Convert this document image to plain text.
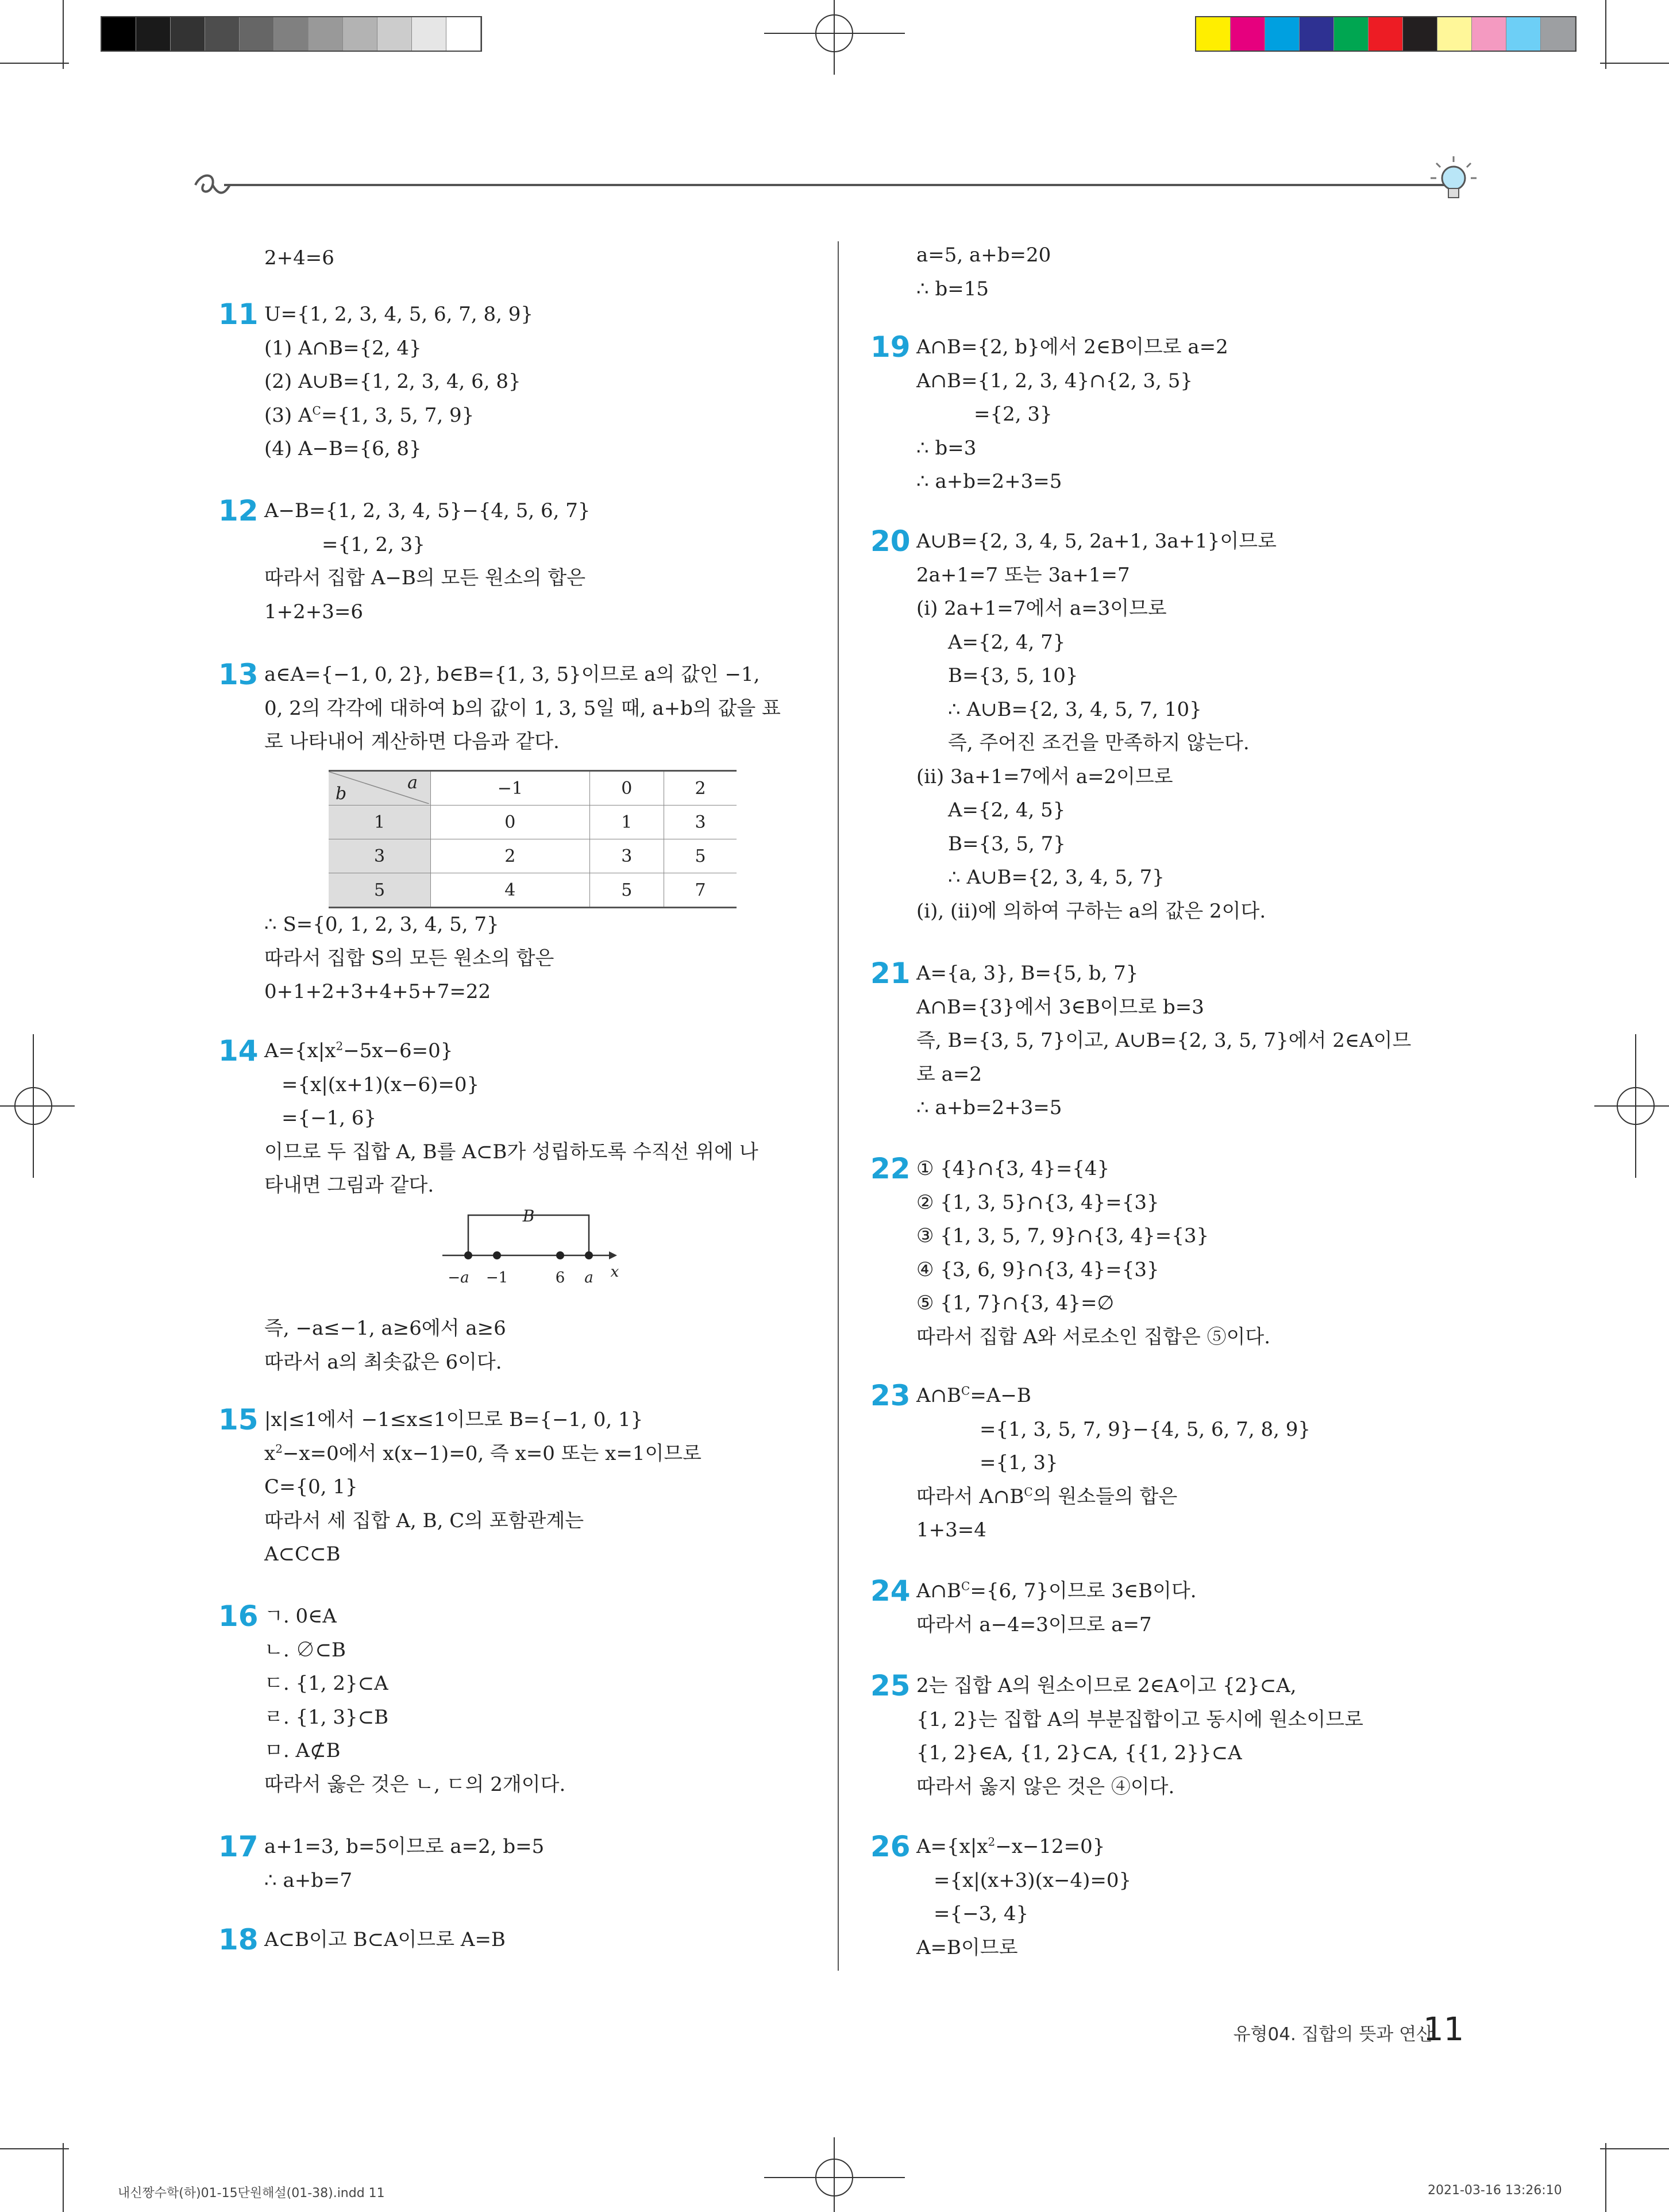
2+4=6
11 U={1, 2, 3, 4, 5, 6, 7, 8, 9}
(1) A∩B={2, 4}
(2) A∪B={1, 2, 3, 4, 6, 8}
(3) $A^C=\{1$, 3, 5, 7, 9}
(4) A−B={6, 8}
12 A−B={1, 2, 3, 4, 5}−{4, 5, 6, 7}
={1, 2, 3}
따라서 집합 A−B의 모든 원소의 합은
1+2+3=6
13 a∈A={−1, 0, 2}, b∈B={1, 3, 5}이므로 a의 값인 −1,
0, 2의 각각에 대하여 b의 값이 1, 3, 5일 때, a+b의 값을 표
로 나타내어 계산하면 다음과 같다.
a
b	−1	0	2
1	0	1	3
3	2	3	5
5	4	5	7
∴ S={0, 1, 2, 3, 4, 5, 7}
따라서 집합 S의 모든 원소의 합은
0+1+2+3+4+5+7=22
14 $A=\{x|x^2-5x-6=0\}$
={x|(x+1)(x−6)=0}
={−1, 6}
이므로 두 집합 A, B를 A⊂B가 성립하도록 수직선 위에 나
타내면 그림과 같다.
B
−a −1	6 a x
즉, −a≤−1, a≥6에서 a≥6
따라서 a의 최솟값은 6이다.
15 |x|≤1에서 −1≤x≤1이므로 B={−1, 0, 1}
$x^2-x=0$에서 x(x−1)=0, 즉 x=0 또는 x=1이므로
C={0, 1}
따라서 세 집합 A, B, C의 포함관계는
A⊂C⊂B
16 ㄱ. 0∈A
ㄴ. ∅⊂B
ㄷ. {1, 2}⊂A
ㄹ. {1, 3}⊂B
ㅁ. A⊄B
따라서 옳은 것은 ㄴ, ㄷ의 2개이다.
17 a+1=3, b=5이므로 a=2, b=5
∴ a+b=7
18 A⊂B이고 B⊂A이므로 A=B
a=5, a+b=20
∴ b=15
19 A∩B={2, b}에서 2∈B이므로 a=2
A∩B={1, 2, 3, 4}∩{2, 3, 5}
={2, 3}
∴ b=3
∴ a+b=2+3=5
20 A∪B={2, 3, 4, 5, 2a+1, 3a+1}이므로
2a+1=7 또는 3a+1=7
(ⅰ) 2a+1=7에서 a=3이므로
A={2, 4, 7}
B={3, 5, 10}
∴ A∪B={2, 3, 4, 5, 7, 10}
즉, 주어진 조건을 만족하지 않는다.
(ⅱ) 3a+1=7에서 a=2이므로
A={2, 4, 5}
B={3, 5, 7}
∴ A∪B={2, 3, 4, 5, 7}
(ⅰ), (ⅱ)에 의하여 구하는 a의 값은 2이다.
21 A={a, 3}, B={5, b, 7}
A∩B={3}에서 3∈B이므로 b=3
즉, B={3, 5, 7}이고, A∪B={2, 3, 5, 7}에서 2∈A이므
로 a=2
∴ a+b=2+3=5
22 ① {4}∩{3, 4}={4}
② {1, 3, 5}∩{3, 4}={3}
③ {1, 3, 5, 7, 9}∩{3, 4}={3}
④ {3, 6, 9}∩{3, 4}={3}
⑤ {1, 7}∩{3, 4}=∅
따라서 집합 A와 서로소인 집합은 ⑤이다.
23 $A\cap B^C=A-B$
={1, 3, 5, 7, 9}−{4, 5, 6, 7, 8, 9}
={1, 3}
따라서 $A\cap B^C$의 원소들의 합은
1+3=4
24 $A\cap B^C=\{6$, 7}이므로 3∈B이다.
따라서 a−4=3이므로 a=7
25 2는 집합 A의 원소이므로 2∈A이고 {2}⊂A,
{1, 2}는 집합 A의 부분집합이고 동시에 원소이므로
{1, 2}∈A, {1, 2}⊂A, {{1, 2}}⊂A
따라서 옳지 않은 것은 ④이다.
26 $A=\{x|x^2-x-12=0\}$
={x|(x+3)(x−4)=0}
={−3, 4}
A=B이므로
유형04. 집합의 뜻과 연산
11
내신짱수학(하)01-15단원해설(01-38).indd 11	2021-03-16 13:26:10
